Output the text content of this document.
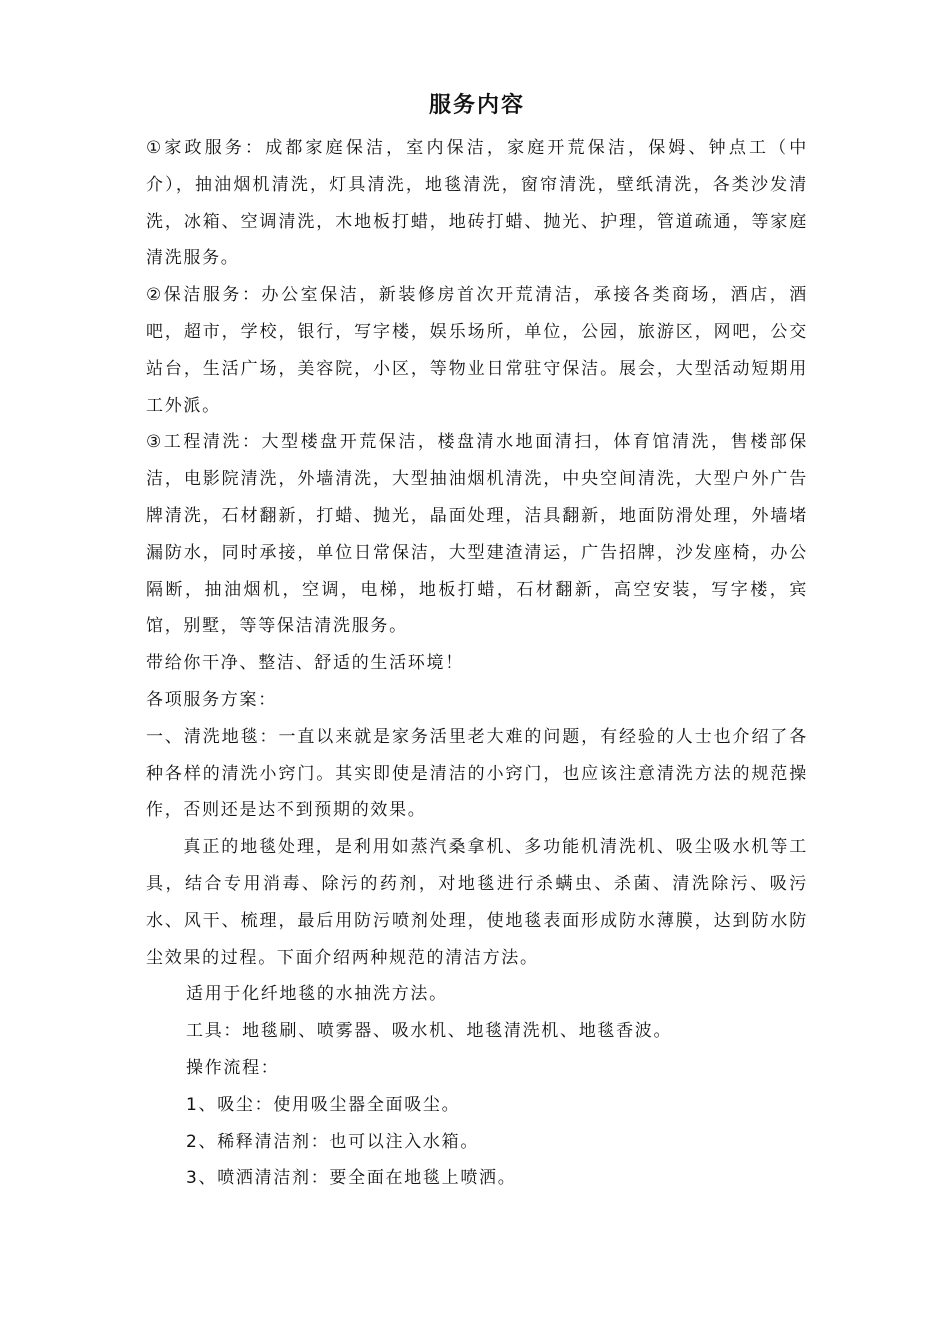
服务内容

①家政服务：成都家庭保洁，室内保洁，家庭开荒保洁，保姆、钟点工（中介），抽油烟机清洗，灯具清洗，地毯清洗，窗帘清洗，壁纸清洗，各类沙发清洗，冰箱、空调清洗，木地板打蜡，地砖打蜡、抛光、护理，管道疏通，等家庭清洗服务。

②保洁服务：办公室保洁，新装修房首次开荒清洁，承接各类商场，酒店，酒吧，超市，学校，银行，写字楼，娱乐场所，单位，公园，旅游区，网吧，公交站台，生活广场，美容院，小区，等物业日常驻守保洁。展会，大型活动短期用工外派。

③工程清洗：大型楼盘开荒保洁，楼盘清水地面清扫，体育馆清洗，售楼部保洁，电影院清洗，外墙清洗，大型抽油烟机清洗，中央空间清洗，大型户外广告牌清洗，石材翻新，打蜡、抛光，晶面处理，洁具翻新，地面防滑处理，外墙堵漏防水，同时承接，单位日常保洁，大型建渣清运，广告招牌，沙发座椅，办公隔断，抽油烟机，空调，电梯，地板打蜡，石材翻新，高空安装，写字楼，宾馆，别墅，等等保洁清洗服务。

带给你干净、整洁、舒适的生活环境！

各项服务方案：

一、清洗地毯：一直以来就是家务活里老大难的问题，有经验的人士也介绍了各种各样的清洗小窍门。其实即使是清洁的小窍门，也应该注意清洗方法的规范操作，否则还是达不到预期的效果。

真正的地毯处理，是利用如蒸汽桑拿机、多功能机清洗机、吸尘吸水机等工具，结合专用消毒、除污的药剂，对地毯进行杀螨虫、杀菌、清洗除污、吸污水、风干、梳理，最后用防污喷剂处理，使地毯表面形成防水薄膜，达到防水防尘效果的过程。下面介绍两种规范的清洁方法。

适用于化纤地毯的水抽洗方法。

工具：地毯刷、喷雾器、吸水机、地毯清洗机、地毯香波。

操作流程：

1、吸尘：使用吸尘器全面吸尘。

2、稀释清洁剂：也可以注入水箱。

3、喷洒清洁剂：要全面在地毯上喷洒。
